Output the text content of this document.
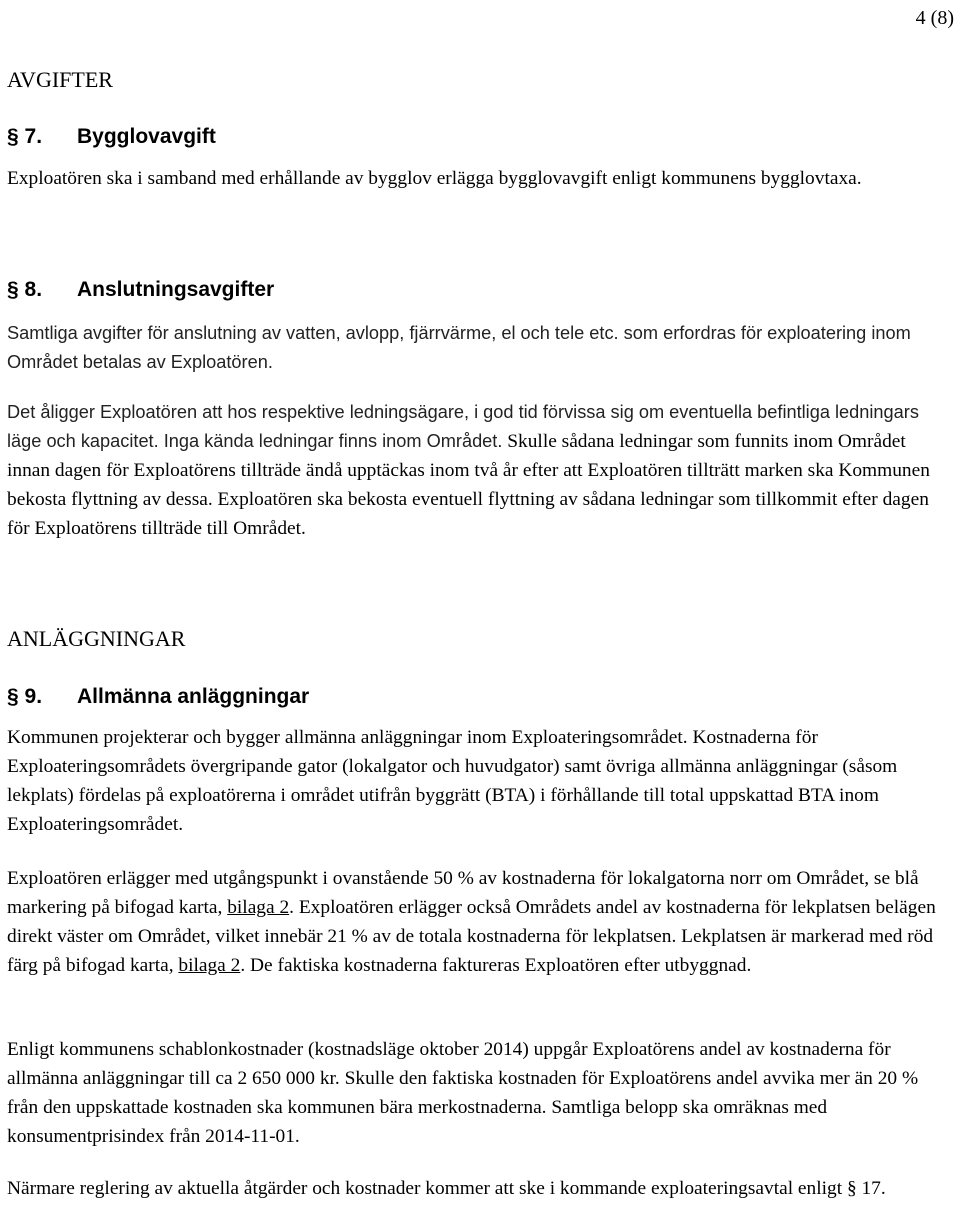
4 (8)
AVGIFTER
§ 7. Bygglovavgift
Exploatören ska i samband med erhållande av bygglov erlägga bygglovavgift enligt kommunens bygglovtaxa.
§ 8. Anslutningsavgifter
Samtliga avgifter för anslutning av vatten, avlopp, fjärrvärme, el och tele etc. som erfordras för exploatering inom Området betalas av Exploatören.
Det åligger Exploatören att hos respektive ledningsägare, i god tid förvissa sig om eventuella befintliga ledningars läge och kapacitet. Inga kända ledningar finns inom Området. Skulle sådana ledningar som funnits inom Området innan dagen för Exploatörens tillträde ändå upptäckas inom två år efter att Exploatören tillträtt marken ska Kommunen bekosta flyttning av dessa. Exploatören ska bekosta eventuell flyttning av sådana ledningar som tillkommit efter dagen för Exploatörens tillträde till Området.
ANLÄGGNINGAR
§ 9. Allmänna anläggningar
Kommunen projekterar och bygger allmänna anläggningar inom Exploateringsområdet. Kostnaderna för Exploateringsområdets övergripande gator (lokalgator och huvudgator) samt övriga allmänna anläggningar (såsom lekplats) fördelas på exploatörerna i området utifrån byggrätt (BTA) i förhållande till total uppskattad BTA inom Exploateringsområdet.
Exploatören erlägger med utgångspunkt i ovanstående 50 % av kostnaderna för lokalgatorna norr om Området, se blå markering på bifogad karta, bilaga 2. Exploatören erlägger också Områdets andel av kostnaderna för lekplatsen belägen direkt väster om Området, vilket innebär 21 % av de totala kostnaderna för lekplatsen. Lekplatsen är markerad med röd färg på bifogad karta, bilaga 2. De faktiska kostnaderna faktureras Exploatören efter utbyggnad.
Enligt kommunens schablonkostnader (kostnadsläge oktober 2014) uppgår Exploatörens andel av kostnaderna för allmänna anläggningar till ca 2 650 000 kr. Skulle den faktiska kostnaden för Exploatörens andel avvika mer än 20 % från den uppskattade kostnaden ska kommunen bära merkostnaderna. Samtliga belopp ska omräknas med konsumentprisindex från 2014-11-01.
Närmare reglering av aktuella åtgärder och kostnader kommer att ske i kommande exploateringsavtal enligt § 17.
